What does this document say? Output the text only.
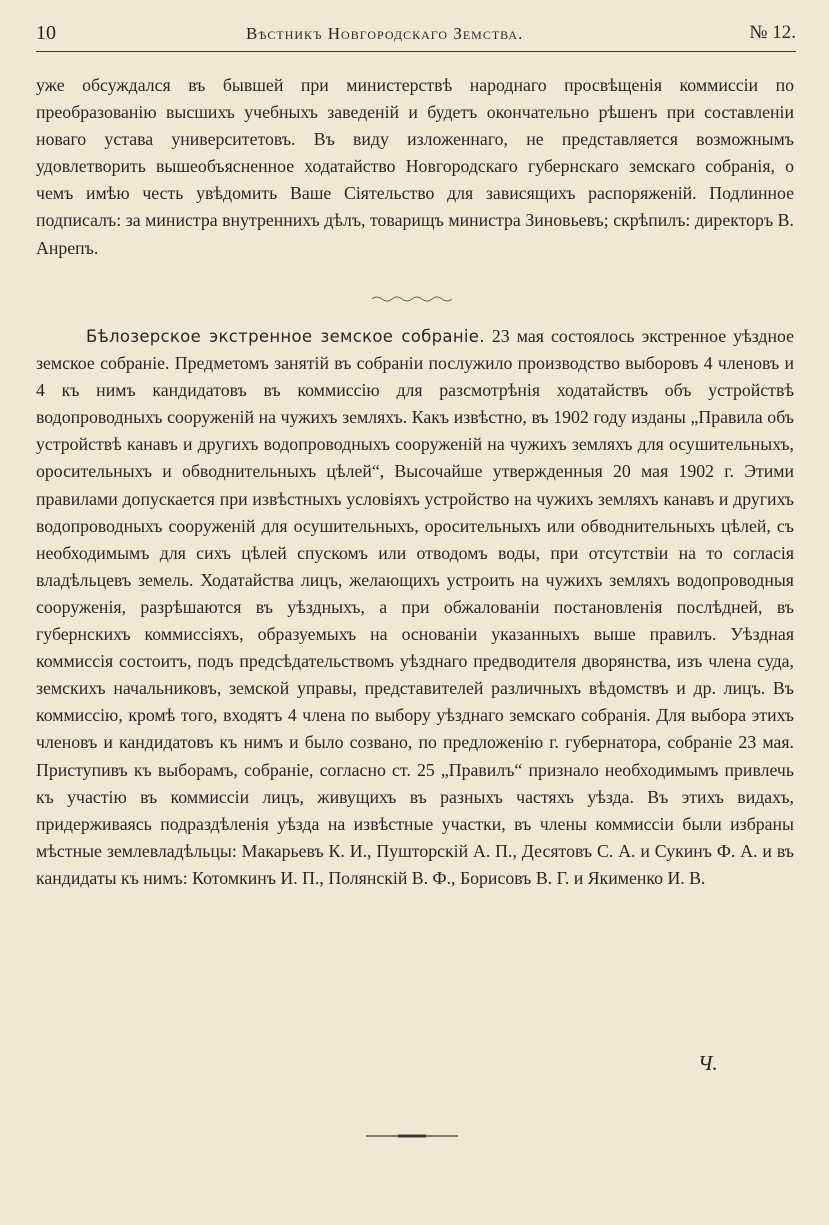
10	Вѣстникъ Новгородскаго Земства.	№ 12.

уже обсуждался въ бывшей при министерствѣ народнаго просвѣщенія коммиссіи по преобразованію высшихъ учебныхъ заведеній и будетъ окончательно рѣшенъ при составленіи новаго устава университетовъ. Въ виду изложеннаго, не представляется возможнымъ удовлетворить вышеобъясненное ходатайство Новгородскаго губернскаго земскаго собранія, о чемъ имѣю честь увѣдомить Ваше Сіятельство для зависящихъ распоряженій. Подлинное подписалъ: за министра внутреннихъ дѣлъ, товарищъ министра Зиновьевъ; скрѣпилъ: директоръ В. Анрепъ.

Бѣлозерское экстренное земское собраніе. 23 мая состоялось экстренное уѣздное земское собраніе. Предметомъ занятій въ собраніи послужило производство выборовъ 4 членовъ и 4 къ нимъ кандидатовъ въ коммиссію для разсмотрѣнія ходатайствъ объ устройствѣ водопроводныхъ сооруженій на чужихъ земляхъ. Какъ извѣстно, въ 1902 году изданы „Правила объ устройствѣ канавъ и другихъ водопроводныхъ сооруженій на чужихъ земляхъ для осушительныхъ, оросительныхъ и обводнительныхъ цѣлей“, Высочайше утвержденныя 20 мая 1902 г. Этими правилами допускается при извѣстныхъ условіяхъ устройство на чужихъ земляхъ канавъ и другихъ водопроводныхъ сооруженій для осушительныхъ, оросительныхъ или обводнительныхъ цѣлей, съ необходимымъ для сихъ цѣлей спускомъ или отводомъ воды, при отсутствіи на то согласія владѣльцевъ земель. Ходатайства лицъ, желающихъ устроить на чужихъ земляхъ водопроводныя сооруженія, разрѣшаются въ уѣздныхъ, а при обжалованіи постановленія послѣдней, въ губернскихъ коммиссіяхъ, образуемыхъ на основаніи указанныхъ выше правилъ. Уѣздная коммиссія состоитъ, подъ предсѣдательствомъ уѣзднаго предводителя дворянства, изъ члена суда, земскихъ начальниковъ, земской управы, представителей различныхъ вѣдомствъ и др. лицъ. Въ коммиссію, кромѣ того, входятъ 4 члена по выбору уѣзднаго земскаго собранія. Для выбора этихъ членовъ и кандидатовъ къ нимъ и было созвано, по предложенію г. губернатора, собраніе 23 мая. Приступивъ къ выборамъ, собраніе, согласно ст. 25 „Правилъ“ признало необходимымъ привлечь къ участію въ коммиссіи лицъ, живущихъ въ разныхъ частяхъ уѣзда. Въ этихъ видахъ, придерживаясь подраздѣленія уѣзда на извѣстные участки, въ члены коммиссіи были избраны мѣстные землевладѣльцы: Макарьевъ К. И., Пушторскій А. П., Десятовъ С. А. и Сукинъ Ф. А. и въ кандидаты къ нимъ: Котомкинъ И. П., Полянскій В. Ф., Борисовъ В. Г. и Якименко И. В.

Ч.
